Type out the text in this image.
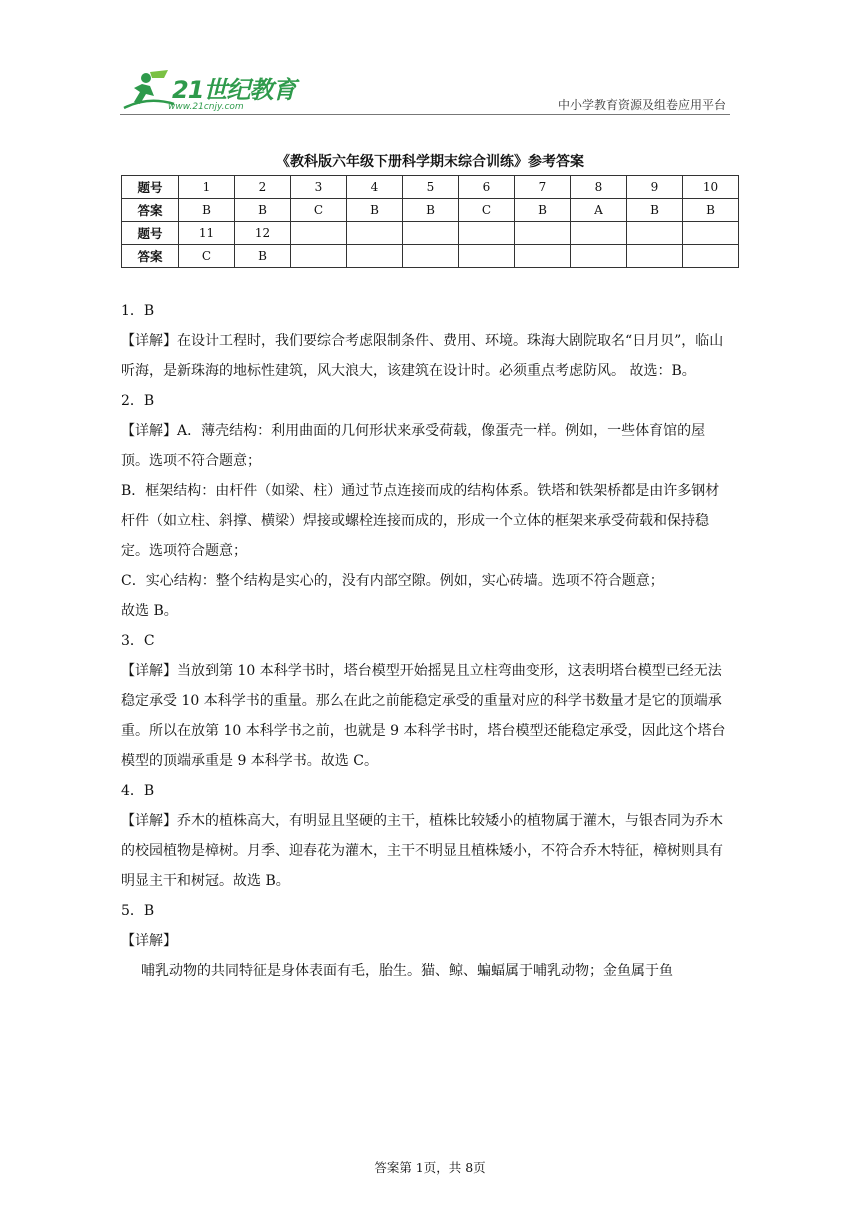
21世纪教育
www.21cnjy.com	中小学教育资源及组卷应用平台
《教科版六年级下册科学期末综合训练》参考答案
题号	1	2	3	4	5	6	7	8	9	10
答案	B	B	C	B	B	C	B	A	B	B
题号	11	12								
答案	C	B								

1．B

【详解】在设计工程时，我们要综合考虑限制条件、费用、环境。珠海大剧院取名“日月贝”，临山听海，是新珠海的地标性建筑，风大浪大，该建筑在设计时。必须重点考虑防风。 故选：B。

2．B

【详解】A．薄壳结构：利用曲面的几何形状来承受荷载，像蛋壳一样。例如，一些体育馆的屋顶。选项不符合题意；

B．框架结构：由杆件（如梁、柱）通过节点连接而成的结构体系。铁塔和铁架桥都是由许多钢材杆件（如立柱、斜撑、横梁）焊接或螺栓连接而成的，形成一个立体的框架来承受荷载和保持稳定。选项符合题意；

C．实心结构：整个结构是实心的，没有内部空隙。例如，实心砖墙。选项不符合题意；

故选 B。

3．C

【详解】当放到第 10 本科学书时，塔台模型开始摇晃且立柱弯曲变形，这表明塔台模型已经无法稳定承受 10 本科学书的重量。那么在此之前能稳定承受的重量对应的科学书数量才是它的顶端承重。所以在放第 10 本科学书之前，也就是 9 本科学书时，塔台模型还能稳定承受，因此这个塔台模型的顶端承重是 9 本科学书。故选 C。

4．B

【详解】乔木的植株高大，有明显且坚硬的主干，植株比较矮小的植物属于灌木，与银杏同为乔木的校园植物是樟树。月季、迎春花为灌木，主干不明显且植株矮小，不符合乔木特征，樟树则具有明显主干和树冠。故选 B。

5．B

【详解】

哺乳动物的共同特征是身体表面有毛，胎生。猫、鲸、蝙蝠属于哺乳动物；金鱼属于鱼

答案第 1页，共 8页
